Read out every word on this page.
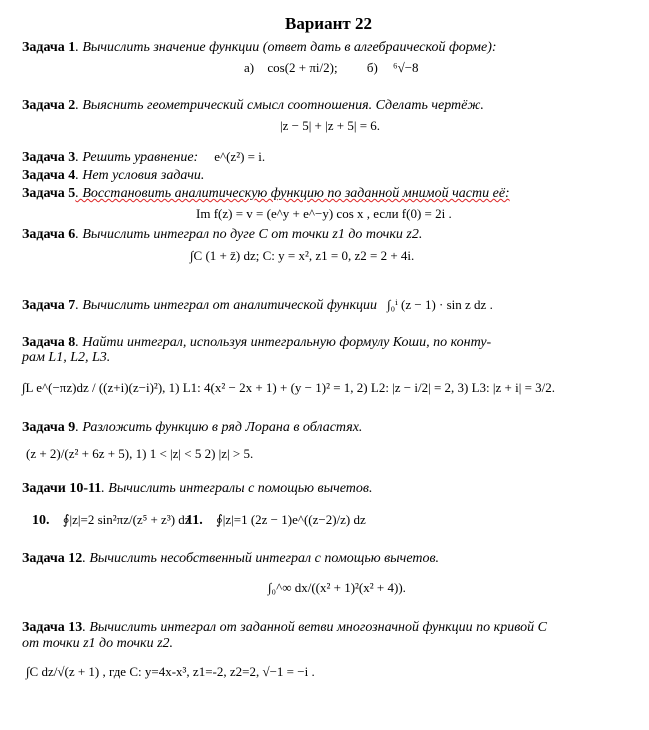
Вариант 22
Задача 1. Вычислить значение функции (ответ дать в алгебраической форме):
а) cos(2 + πi/2); б) ⁶√−8
Задача 2. Выяснить геометрический смысл соотношения. Сделать чертёж.
|z − 5| + |z + 5| = 6.
Задача 3. Решить уравнение: e^(z²) = i.
Задача 4. Нет условия задачи.
Задача 5. Восстановить аналитическую функцию по заданной мнимой части её:
Im f(z) = v = (e^y + e^−y) cos x , если f(0) = 2i .
Задача 6. Вычислить интеграл по дуге C от точки z1 до точки z2.
∫C (1 + z̄) dz; C: y = x², z1 = 0, z2 = 2 + 4i.
Задача 7. Вычислить интеграл от аналитической функции ∫₀ⁱ (z − 1) · sin z dz .
Задача 8. Найти интеграл, используя интегральную формулу Коши, по конту-
рам L1, L2, L3.
∫L e^(−πz)dz / ((z+i)(z−i)²), 1) L1: 4(x² − 2x + 1) + (y − 1)² = 1, 2) L2: |z − i/2| = 2, 3) L3: |z + i| = 3/2.
Задача 9. Разложить функцию в ряд Лорана в областях.
(z + 2)/(z² + 6z + 5), 1) 1 < |z| < 5 2) |z| > 5.
Задачи 10-11. Вычислить интегралы с помощью вычетов.
10. ∮|z|=2 sin²πz/(z⁵ + z³) dz
11. ∮|z|=1 (2z − 1)e^((z−2)/z) dz
Задача 12. Вычислить несобственный интеграл с помощью вычетов.
∫₀^∞ dx/((x² + 1)²(x² + 4)).
Задача 13. Вычислить интеграл от заданной ветви многозначной функции по кривой C
от точки z1 до точки z2.
∫C dz/√(z + 1) , где C: y=4x-x³, z1=-2, z2=2, √−1 = −i .
